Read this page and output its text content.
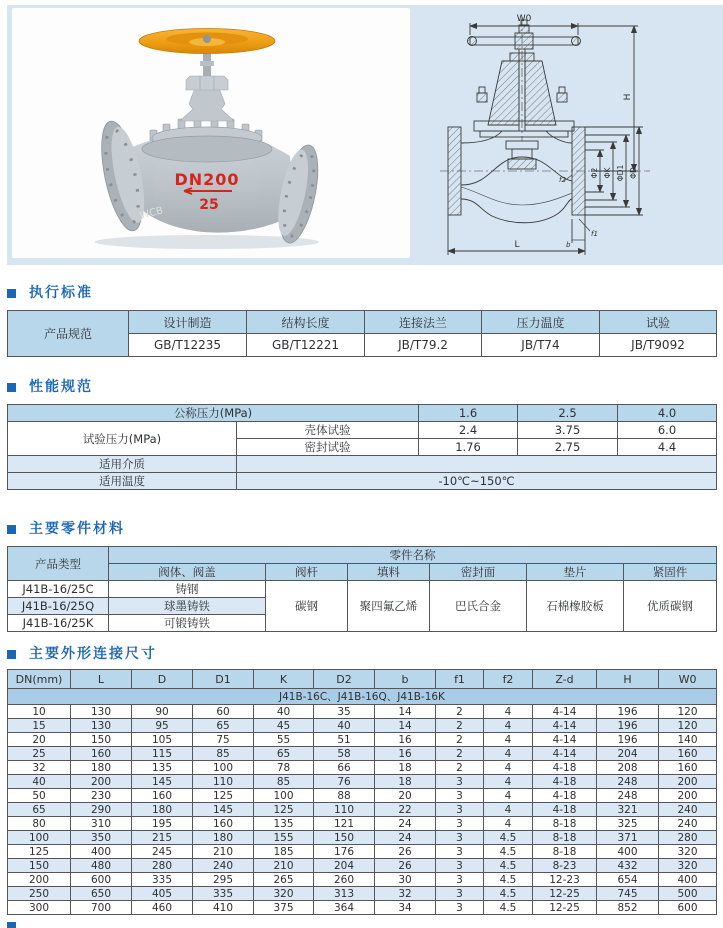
DN200
25
WCB
W0
H
L
Φ2 ΦK ΦD1 ΦD
f2
f1
b
执行标准
产品规范	设计制造	结构长度	连接法兰	压力温度	试验
	GB/T12235	GB/T12221	JB/T79.2	JB/T74	JB/T9092
性能规范
公称压力(MPa)		1.6	2.5	4.0
试验压力(MPa)	壳体试验	2.4	3.75	6.0
	密封试验	1.76	2.75	4.4
适用介质				
适用温度	-10℃~150℃			
主要零件材料
产品类型	零件名称					
	阀体、阀盖	阀杆	填料	密封面	垫片	紧固件
J41B-16/25C	铸钢	碳钢	聚四氟乙烯	巴氏合金	石棉橡胶板	优质碳钢
J41B-16/25Q	球墨铸铁					
J41B-16/25K	可锻铸铁					
主要外形连接尺寸
DN(mm)	L	D	D1	K	D2	b	f1	f2	Z-d	H	W0
J41B-16C、J41B-16Q、J41B-16K											
10	130	90	60	40	35	14	2	4	4-14	196	120
15	130	95	65	45	40	14	2	4	4-14	196	120
20	150	105	75	55	51	16	2	4	4-14	196	140
25	160	115	85	65	58	16	2	4	4-14	204	160
32	180	135	100	78	66	18	2	4	4-18	208	160
40	200	145	110	85	76	18	3	4	4-18	248	200
50	230	160	125	100	88	20	3	4	4-18	248	200
65	290	180	145	125	110	22	3	4	4-18	321	240
80	310	195	160	135	121	24	3	4	8-18	325	240
100	350	215	180	155	150	24	3	4.5	8-18	371	280
125	400	245	210	185	176	26	3	4.5	8-18	400	320
150	480	280	240	210	204	26	3	4.5	8-23	432	320
200	600	335	295	265	260	30	3	4.5	12-23	654	400
250	650	405	335	320	313	32	3	4.5	12-25	745	500
300	700	460	410	375	364	34	3	4.5	12-25	852	600
